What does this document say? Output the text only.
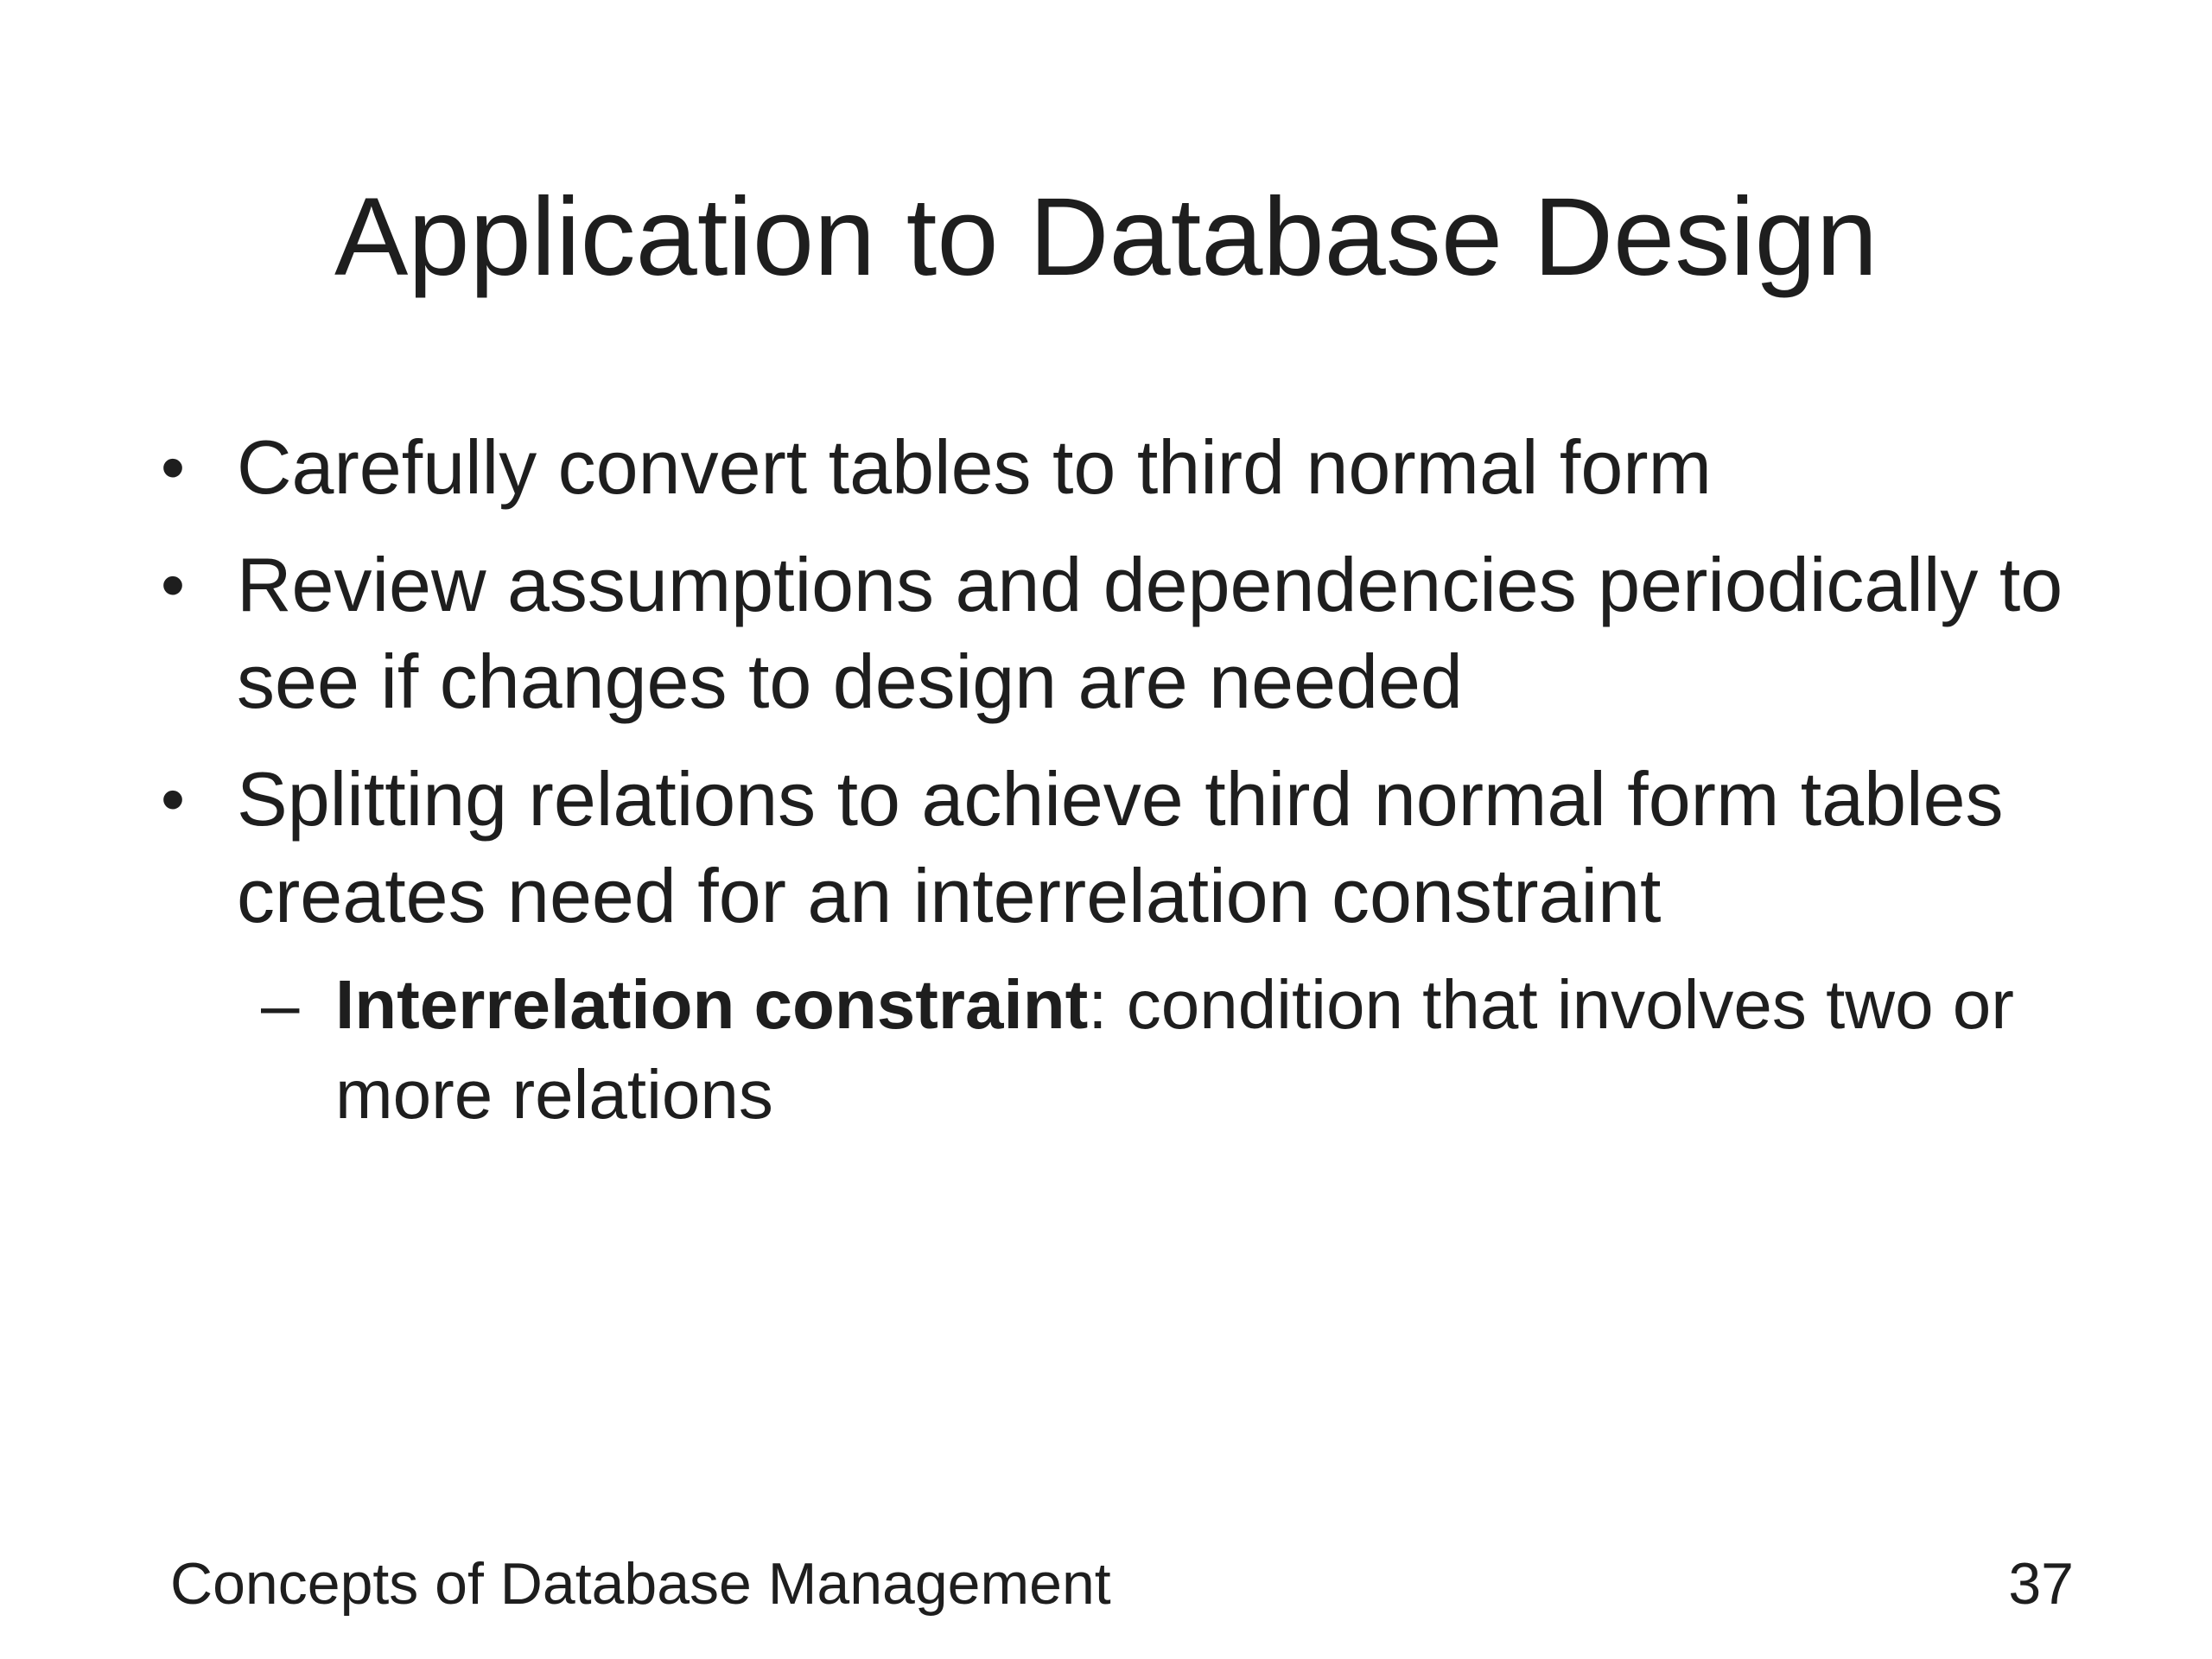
Application to Database Design
• Carefully convert tables to third normal form
• Review assumptions and dependencies periodically to see if changes to design are needed
• Splitting relations to achieve third normal form tables creates need for an interrelation constraint
– Interrelation constraint: condition that involves two or more relations
Concepts of Database Management	37
